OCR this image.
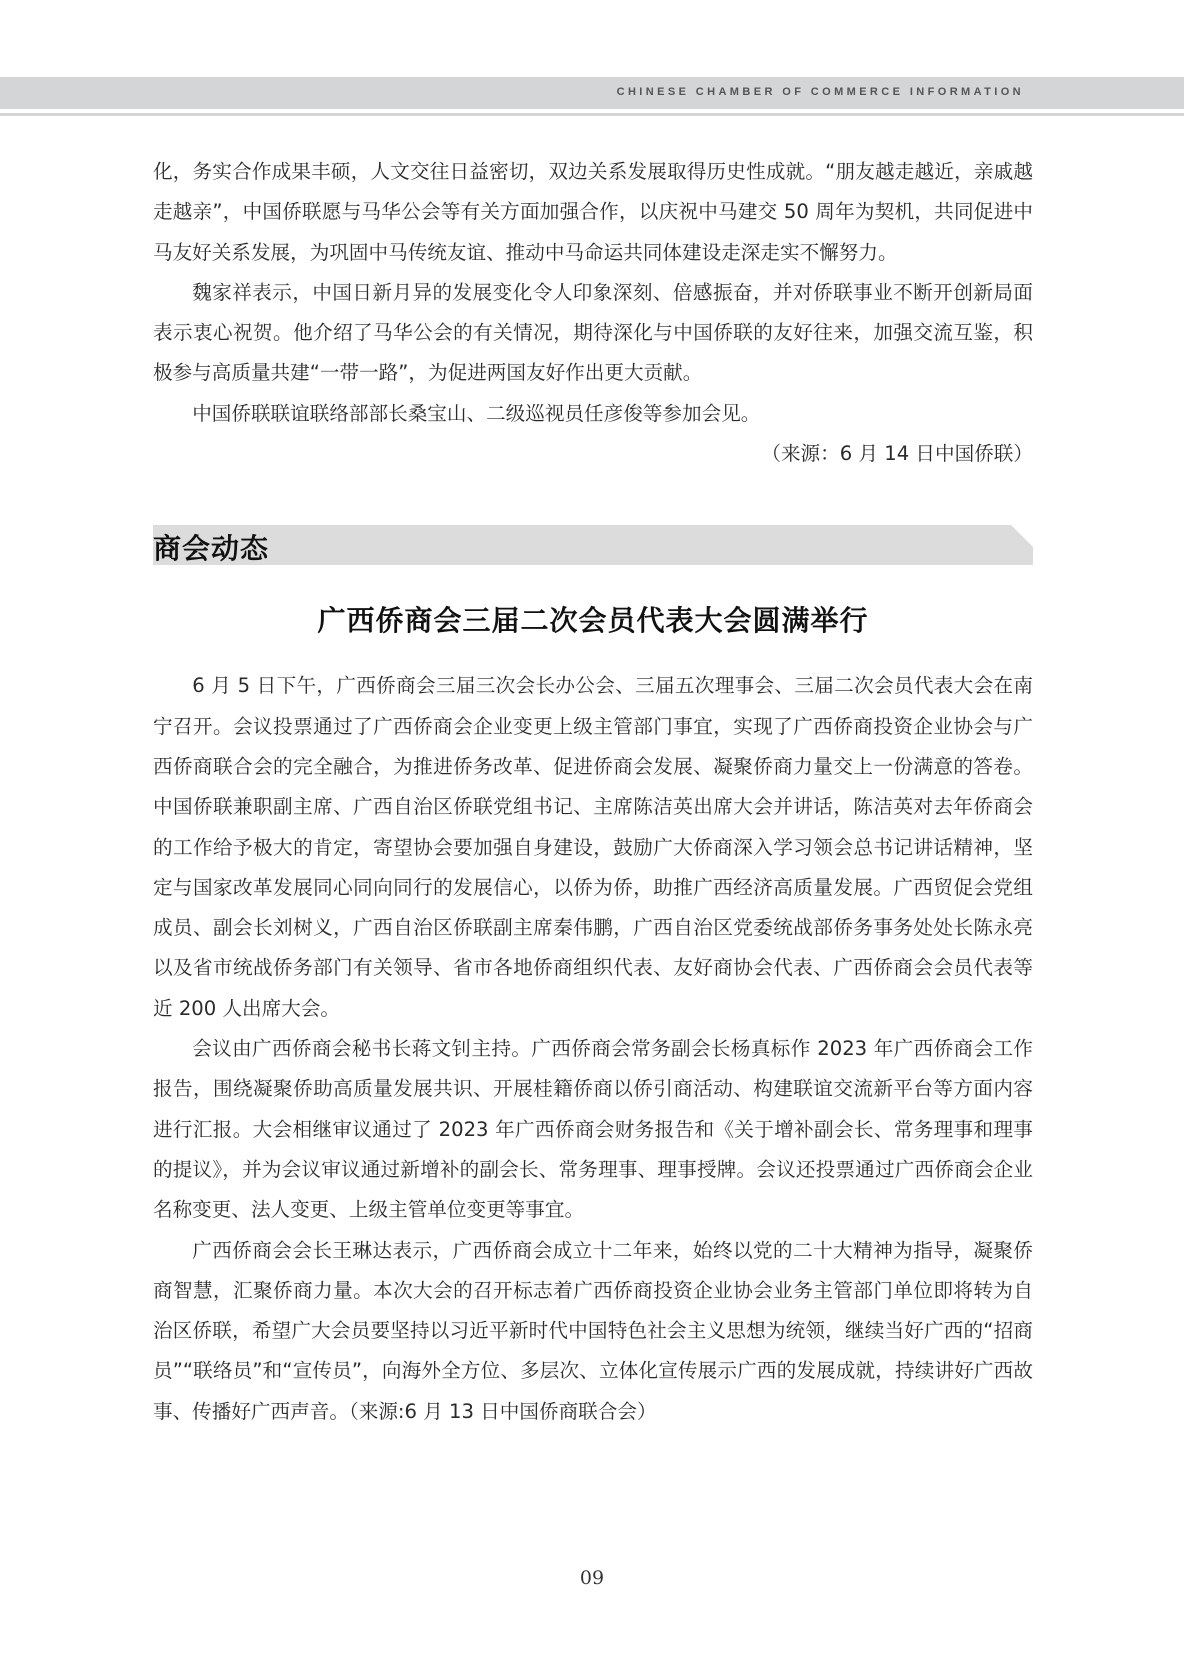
CHINESE CHAMBER OF COMMERCE INFORMATION

化，务实合作成果丰硕，人文交往日益密切，双边关系发展取得历史性成就。“朋友越走越近，亲戚越走越亲”，中国侨联愿与马华公会等有关方面加强合作，以庆祝中马建交 50 周年为契机，共同促进中马友好关系发展，为巩固中马传统友谊、推动中马命运共同体建设走深走实不懈努力。

魏家祥表示，中国日新月异的发展变化令人印象深刻、倍感振奋，并对侨联事业不断开创新局面表示衷心祝贺。他介绍了马华公会的有关情况，期待深化与中国侨联的友好往来，加强交流互鉴，积极参与高质量共建“一带一路”，为促进两国友好作出更大贡献。

中国侨联联谊联络部部长桑宝山、二级巡视员任彦俊等参加会见。

（来源：6 月 14 日中国侨联）

商会动态
广西侨商会三届二次会员代表大会圆满举行

6 月 5 日下午，广西侨商会三届三次会长办公会、三届五次理事会、三届二次会员代表大会在南宁召开。会议投票通过了广西侨商会企业变更上级主管部门事宜，实现了广西侨商投资企业协会与广西侨商联合会的完全融合，为推进侨务改革、促进侨商会发展、凝聚侨商力量交上一份满意的答卷。中国侨联兼职副主席、广西自治区侨联党组书记、主席陈洁英出席大会并讲话，陈洁英对去年侨商会的工作给予极大的肯定，寄望协会要加强自身建设，鼓励广大侨商深入学习领会总书记讲话精神，坚定与国家改革发展同心同向同行的发展信心，以侨为侨，助推广西经济高质量发展。广西贸促会党组成员、副会长刘树义，广西自治区侨联副主席秦伟鹏，广西自治区党委统战部侨务事务处处长陈永亮以及省市统战侨务部门有关领导、省市各地侨商组织代表、友好商协会代表、广西侨商会会员代表等近 200 人出席大会。

会议由广西侨商会秘书长蒋文钊主持。广西侨商会常务副会长杨真标作 2023 年广西侨商会工作报告，围绕凝聚侨助高质量发展共识、开展桂籍侨商以侨引商活动、构建联谊交流新平台等方面内容进行汇报。大会相继审议通过了 2023 年广西侨商会财务报告和《关于增补副会长、常务理事和理事的提议》，并为会议审议通过新增补的副会长、常务理事、理事授牌。会议还投票通过广西侨商会企业名称变更、法人变更、上级主管单位变更等事宜。

广西侨商会会长王琳达表示，广西侨商会成立十二年来，始终以党的二十大精神为指导，凝聚侨商智慧，汇聚侨商力量。本次大会的召开标志着广西侨商投资企业协会业务主管部门单位即将转为自治区侨联，希望广大会员要坚持以习近平新时代中国特色社会主义思想为统领，继续当好广西的“招商员”“联络员”和“宣传员”，向海外全方位、多层次、立体化宣传展示广西的发展成就，持续讲好广西故事、传播好广西声音。（来源:6 月 13 日中国侨商联合会）

09
